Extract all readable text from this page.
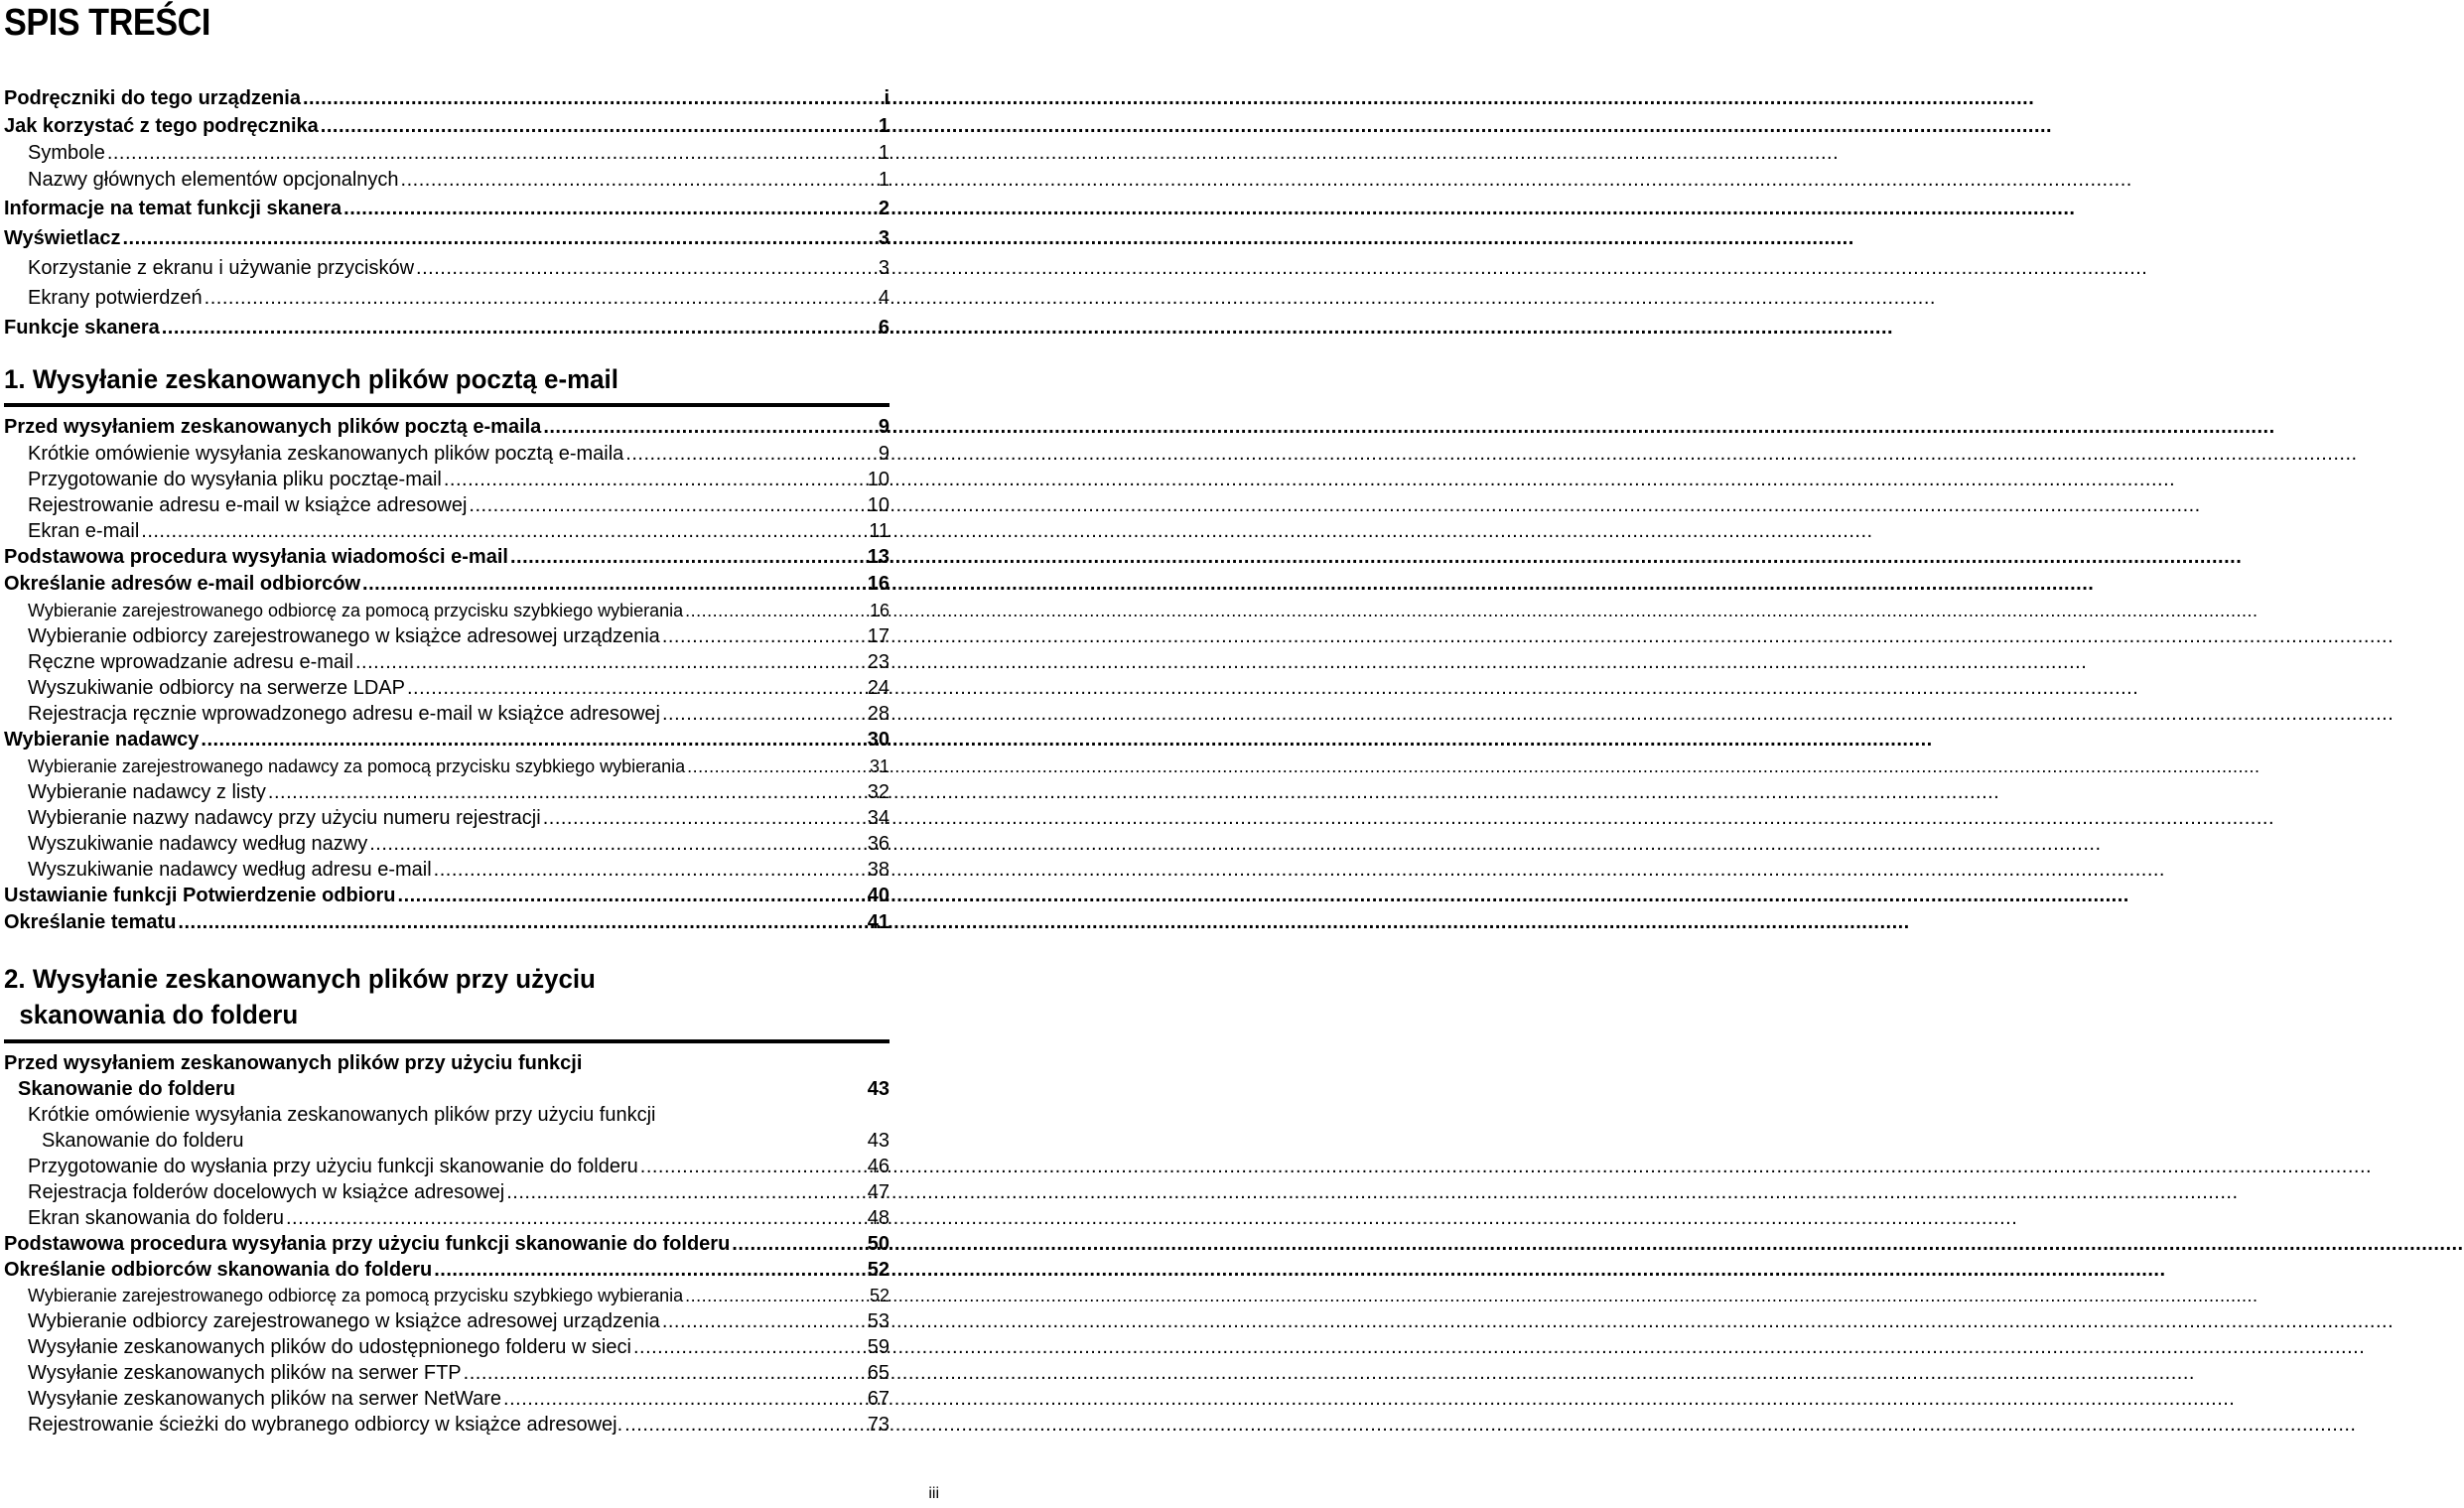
SPIS TREŚCI
Podręczniki do tego urządzenia .....	i
Jak korzystać z tego podręcznika .....	1
Symbole .....	1
Nazwy głównych elementów opcjonalnych .....	1
Informacje na temat funkcji skanera .....	2
Wyświetlacz .....	3
Korzystanie z ekranu i używanie przycisków .....	3
Ekrany potwierdzeń .....	4
Funkcje skanera .....	6
1. Wysyłanie zeskanowanych plików pocztą e-mail
Przed wysyłaniem zeskanowanych plików pocztą e-maila .....	9
Krótkie omówienie wysyłania zeskanowanych plików pocztą e-maila .....	9
Przygotowanie do wysyłania pliku pocztąe-mail .....	10
Rejestrowanie adresu e-mail w książce adresowej .....	10
Ekran e-mail .....	11
Podstawowa procedura wysyłania wiadomości e-mail .....	13
Określanie adresów e-mail odbiorców .....	16
Wybieranie zarejestrowanego odbiorcę za pomocą przycisku szybkiego wybierania .....	16
Wybieranie odbiorcy zarejestrowanego w książce adresowej urządzenia .....	17
Ręczne wprowadzanie adresu e-mail .....	23
Wyszukiwanie odbiorcy na serwerze LDAP .....	24
Rejestracja ręcznie wprowadzonego adresu e-mail w książce adresowej .....	28
Wybieranie nadawcy .....	30
Wybieranie zarejestrowanego nadawcy za pomocą przycisku szybkiego wybierania .....	31
Wybieranie nadawcy z listy .....	32
Wybieranie nazwy nadawcy przy użyciu numeru rejestracji .....	34
Wyszukiwanie nadawcy według nazwy .....	36
Wyszukiwanie nadawcy według adresu e-mail .....	38
Ustawianie funkcji Potwierdzenie odbioru .....	40
Określanie tematu .....	41
2. Wysyłanie zeskanowanych plików przy użyciu
skanowania do folderu
Przed wysyłaniem zeskanowanych plików przy użyciu funkcji
Skanowanie do folderu	43
Krótkie omówienie wysyłania zeskanowanych plików przy użyciu funkcji
Skanowanie do folderu	43
Przygotowanie do wysłania przy użyciu funkcji skanowanie do folderu .....	46
Rejestracja folderów docelowych w książce adresowej .....	47
Ekran skanowania do folderu .....	48
Podstawowa procedura wysyłania przy użyciu funkcji skanowanie do folderu .....	50
Określanie odbiorców skanowania do folderu .....	52
Wybieranie zarejestrowanego odbiorcę za pomocą przycisku szybkiego wybierania .....	52
Wybieranie odbiorcy zarejestrowanego w książce adresowej urządzenia .....	53
Wysyłanie zeskanowanych plików do udostępnionego folderu w sieci .....	59
Wysyłanie zeskanowanych plików na serwer FTP .....	65
Wysyłanie zeskanowanych plików na serwer NetWare .....	67
Rejestrowanie ścieżki do wybranego odbiorcy w książce adresowej. .....	73
iii
